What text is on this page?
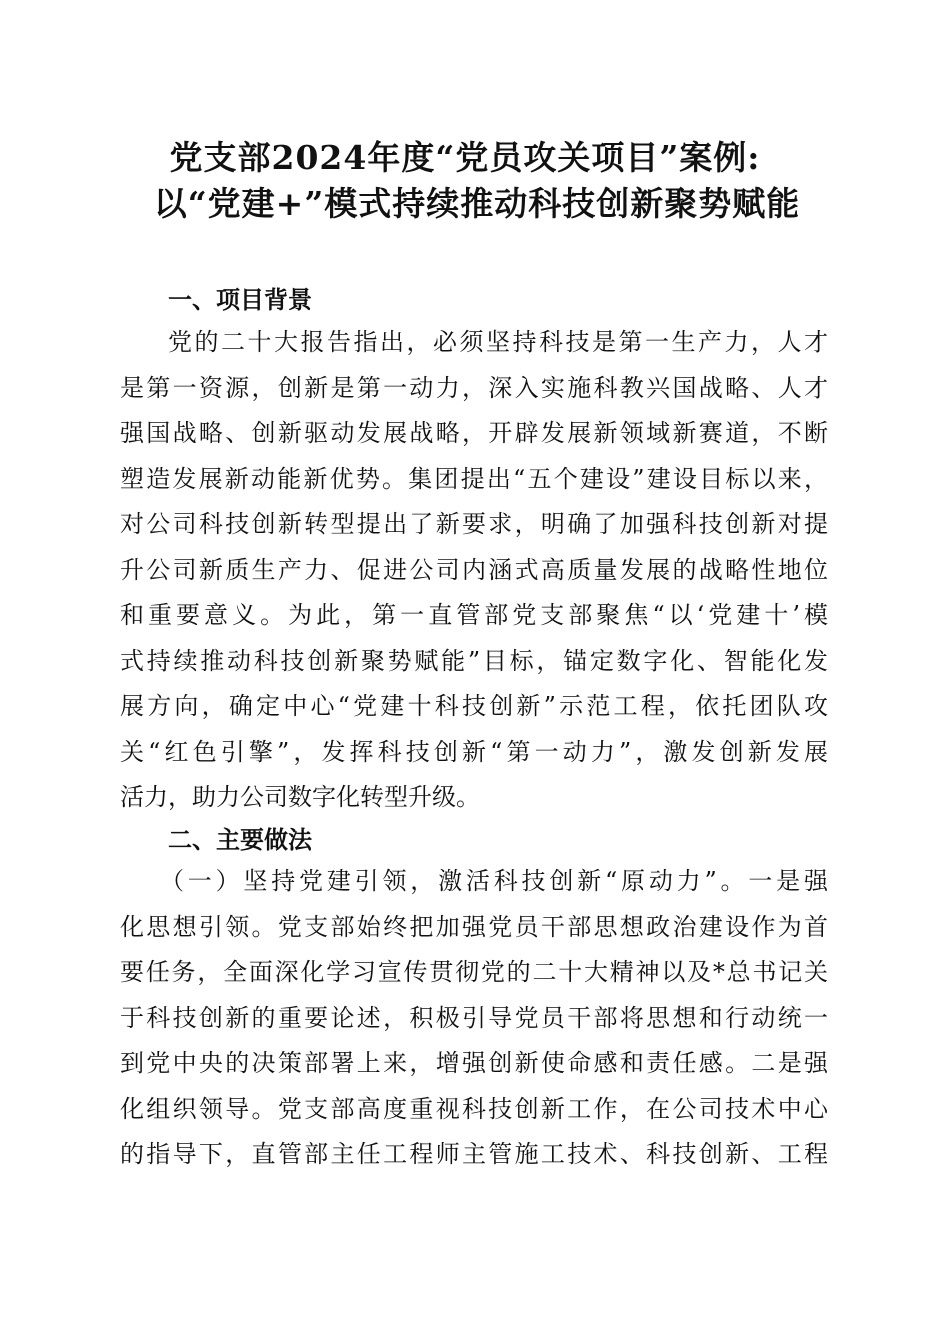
党支部2024年度“党员攻关项目”案例:
以“党建+”模式持续推动科技创新聚势赋能
一、项目背景
党的二十大报告指出，必须坚持科技是第一生产力，人才
是第一资源，创新是第一动力，深入实施科教兴国战略、人才
强国战略、创新驱动发展战略，开辟发展新领域新赛道，不断
塑造发展新动能新优势。集团提出“五个建设”建设目标以来，
对公司科技创新转型提出了新要求，明确了加强科技创新对提
升公司新质生产力、促进公司内涵式高质量发展的战略性地位
和重要意义。为此，第一直管部党支部聚焦“以‘党建十’模
式持续推动科技创新聚势赋能”目标，锚定数字化、智能化发
展方向，确定中心“党建十科技创新”示范工程，依托团队攻
关“红色引擎”，发挥科技创新“第一动力”，激发创新发展
活力，助力公司数字化转型升级。
二、主要做法
（一）坚持党建引领，激活科技创新“原动力”。一是强
化思想引领。党支部始终把加强党员干部思想政治建设作为首
要任务，全面深化学习宣传贯彻党的二十大精神以及*总书记关
于科技创新的重要论述，积极引导党员干部将思想和行动统一
到党中央的决策部署上来，增强创新使命感和责任感。二是强
化组织领导。党支部高度重视科技创新工作，在公司技术中心
的指导下，直管部主任工程师主管施工技术、科技创新、工程
